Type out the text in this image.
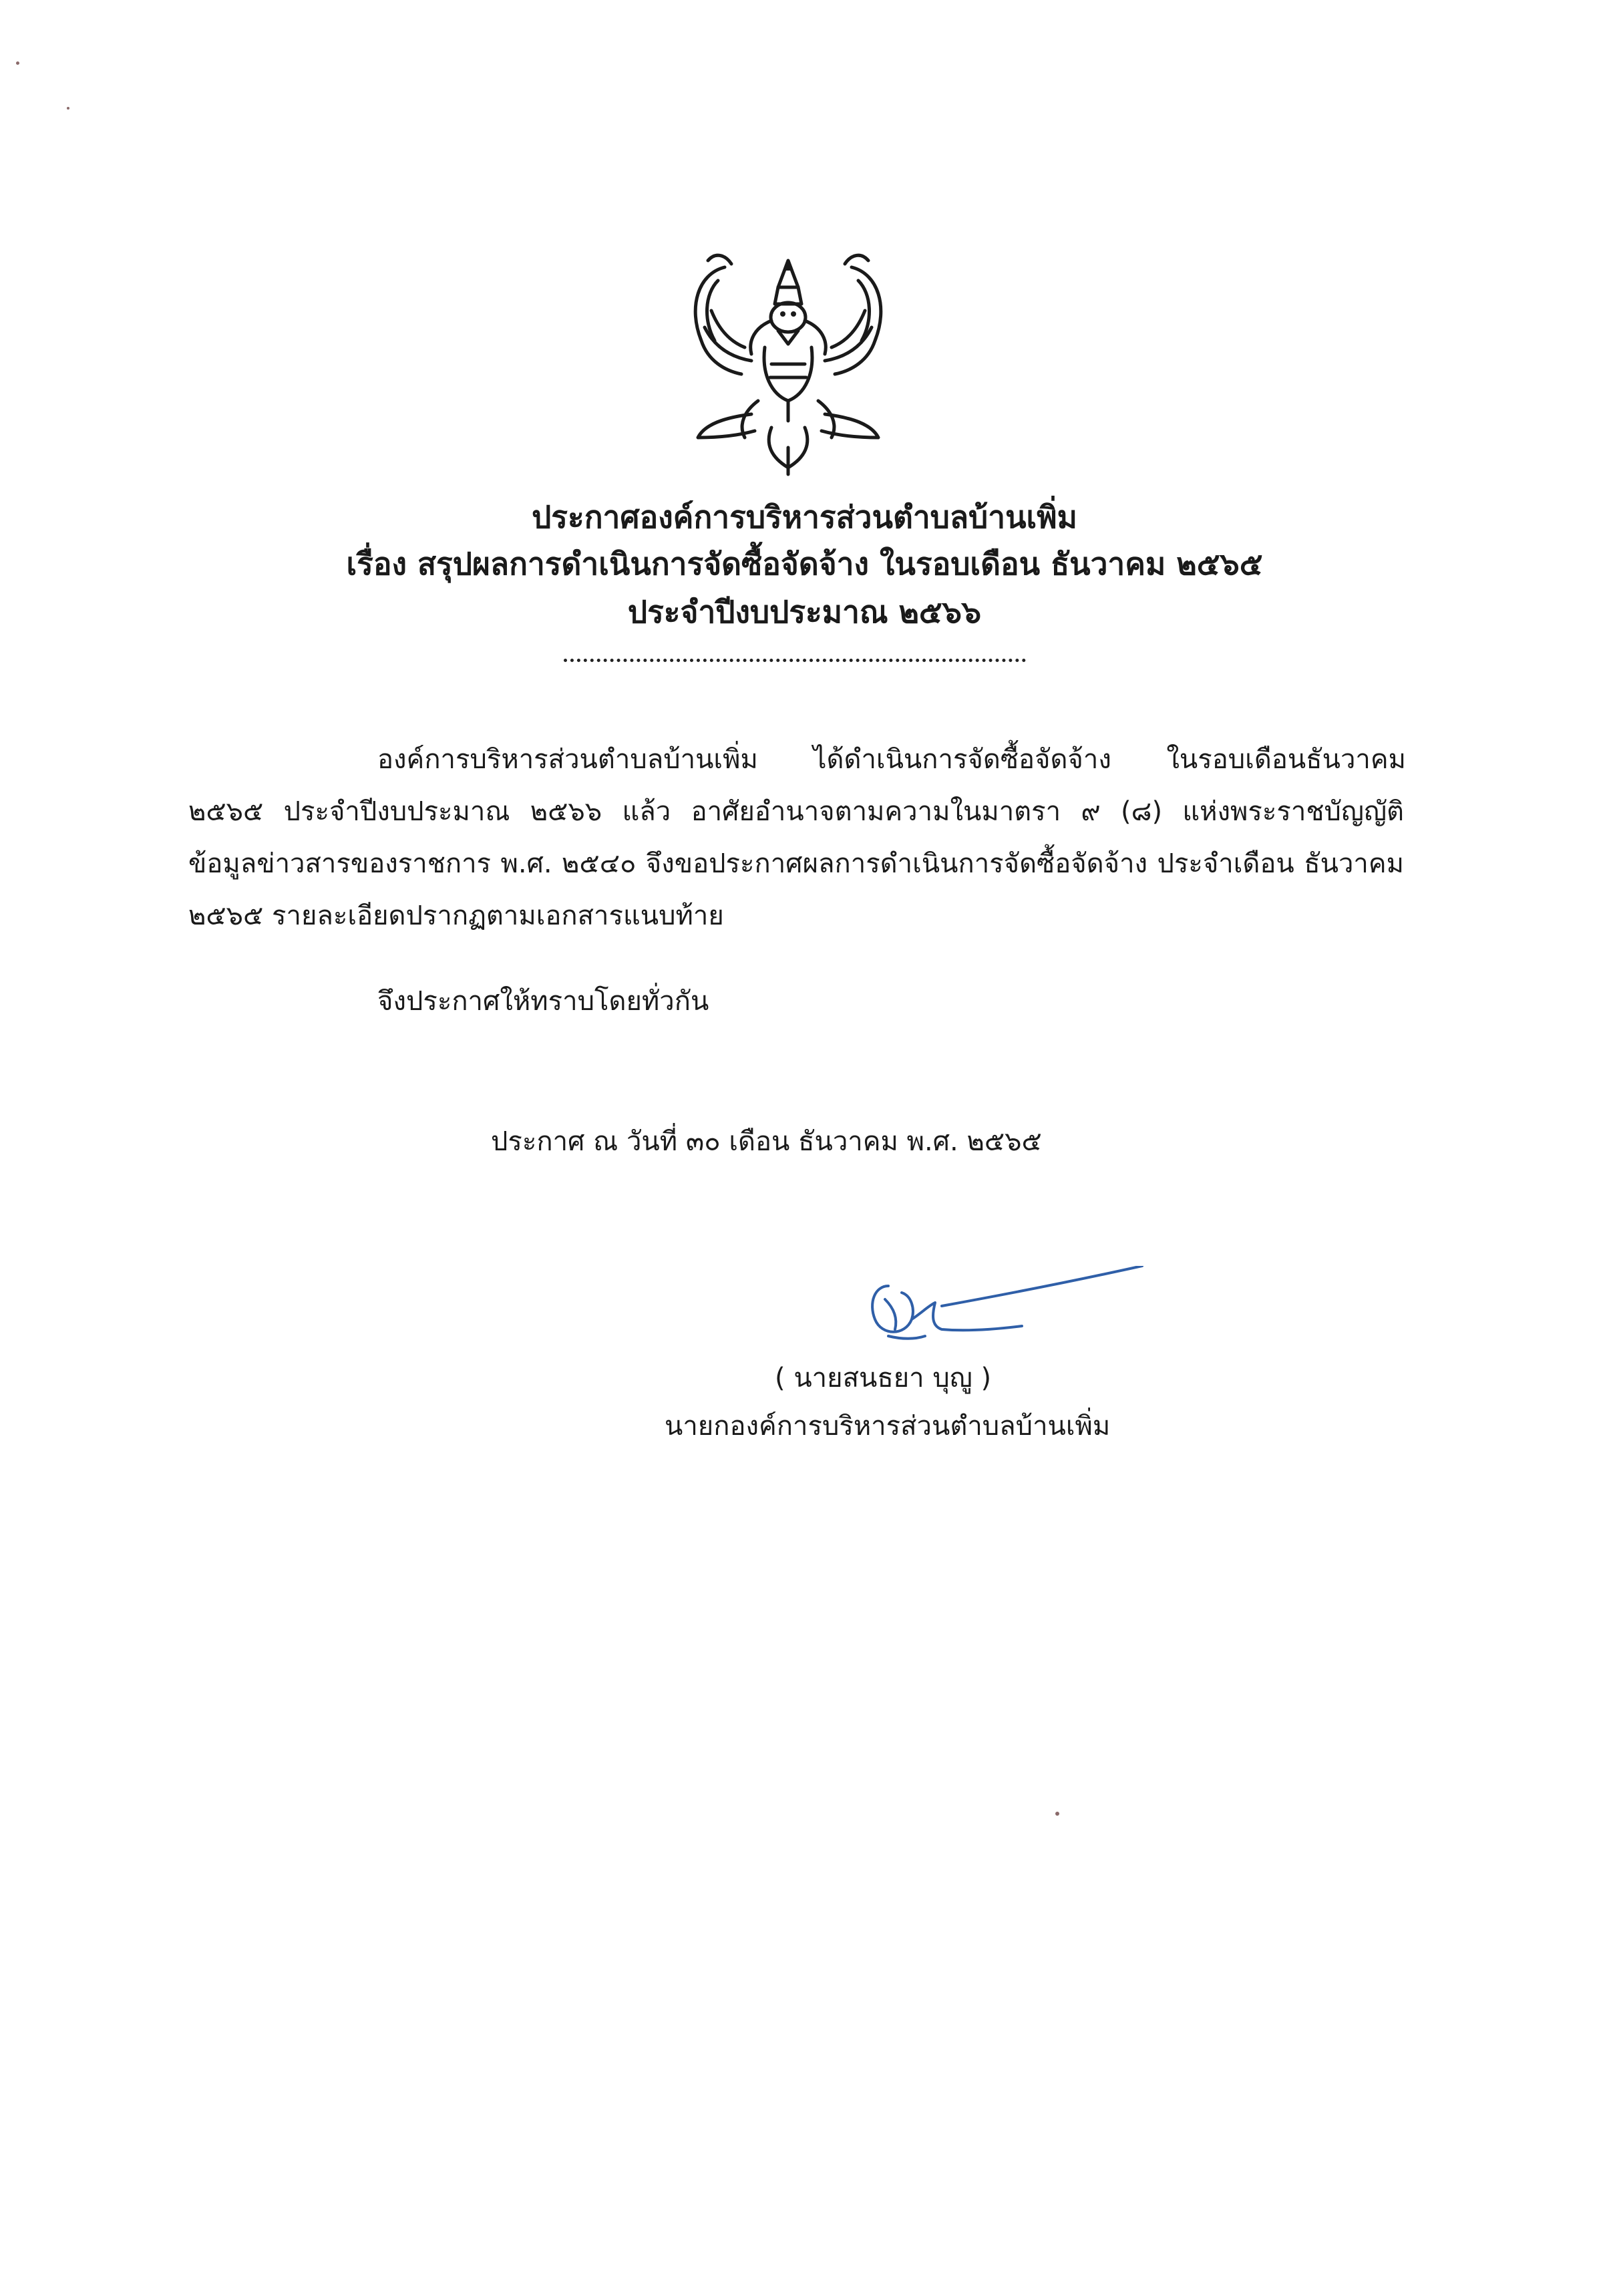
ประกาศองค์การบริหารส่วนตำบลบ้านเพิ่ม
เรื่อง สรุปผลการดำเนินการจัดซื้อจัดจ้าง ในรอบเดือน ธันวาคม ๒๕๖๕
ประจำปีงบประมาณ ๒๕๖๖
องค์การบริหารส่วนตำบลบ้านเพิ่ม ได้ดำเนินการจัดซื้อจัดจ้าง ในรอบเดือนธันวาคม
๒๕๖๕ ประจำปีงบประมาณ ๒๕๖๖ แล้ว อาศัยอำนาจตามความในมาตรา ๙ (๘) แห่งพระราชบัญญัติ
ข้อมูลข่าวสารของราชการ พ.ศ. ๒๕๔๐ จึงขอประกาศผลการดำเนินการจัดซื้อจัดจ้าง ประจำเดือน ธันวาคม
๒๕๖๕ รายละเอียดปรากฏตามเอกสารแนบท้าย
จึงประกาศให้ทราบโดยทั่วกัน
ประกาศ ณ วันที่ ๓๐ เดือน ธันวาคม พ.ศ. ๒๕๖๕
( นายสนธยา บุญู )
นายกองค์การบริหารส่วนตำบลบ้านเพิ่ม
